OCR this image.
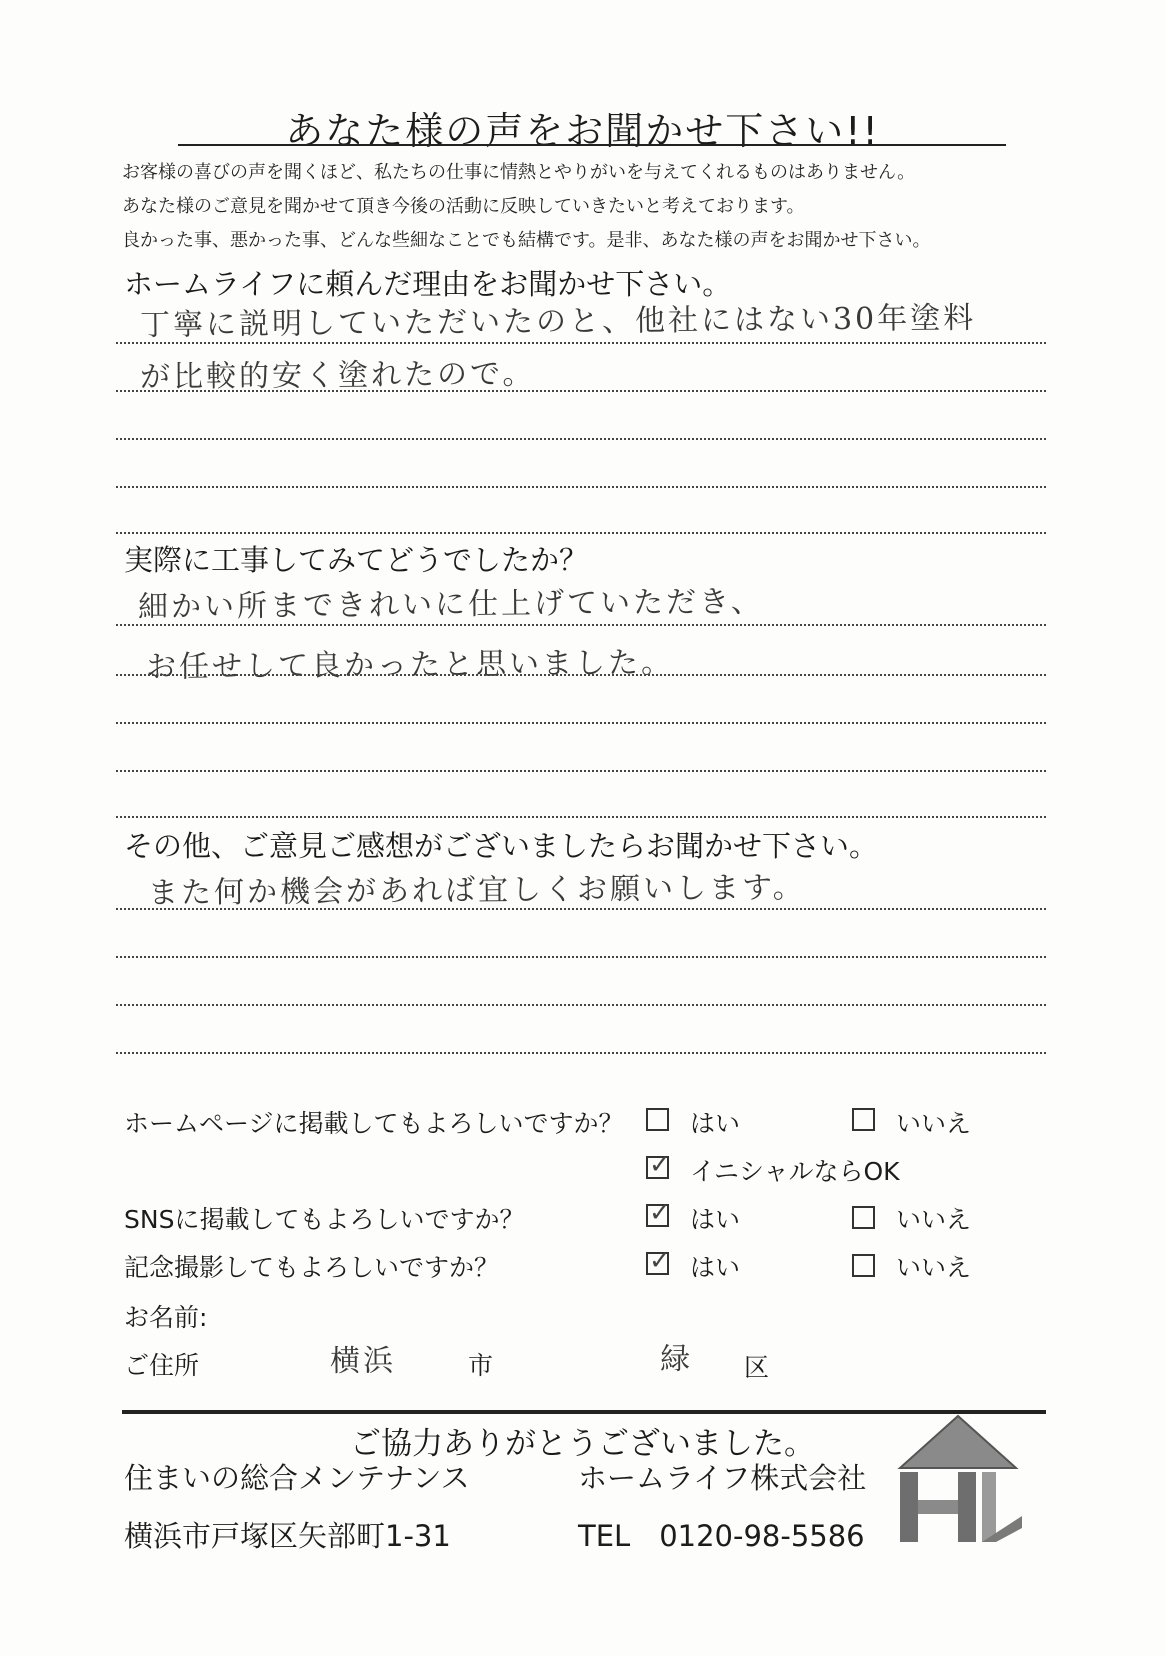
あなた様の声をお聞かせ下さい!!
お客様の喜びの声を聞くほど、私たちの仕事に情熱とやりがいを与えてくれるものはありません。
あなた様のご意見を聞かせて頂き今後の活動に反映していきたいと考えております。
良かった事、悪かった事、どんな些細なことでも結構です。是非、あなた様の声をお聞かせ下さい。
ホームライフに頼んだ理由をお聞かせ下さい。
丁寧に説明していただいたのと、他社にはない30年塗料
が比較的安く塗れたので。
実際に工事してみてどうでしたか？
細かい所まできれいに仕上げていただき、
お任せして良かったと思いました。
その他、ご意見ご感想がございましたらお聞かせ下さい。
また何か機会があれば宜しくお願いします。
ホームページに掲載してもよろしいですか？	はい	いいえ
✓ イニシャルならOK
SNSに掲載してもよろしいですか？	✓ はい	いいえ
記念撮影してもよろしいですか？	✓ はい	いいえ
お名前:
ご住所	横浜	市	緑 区
ご協力ありがとうございました。
住まいの総合メンテナンス	ホームライフ株式会社
横浜市戸塚区矢部町1-31	TEL　0120-98-5586
